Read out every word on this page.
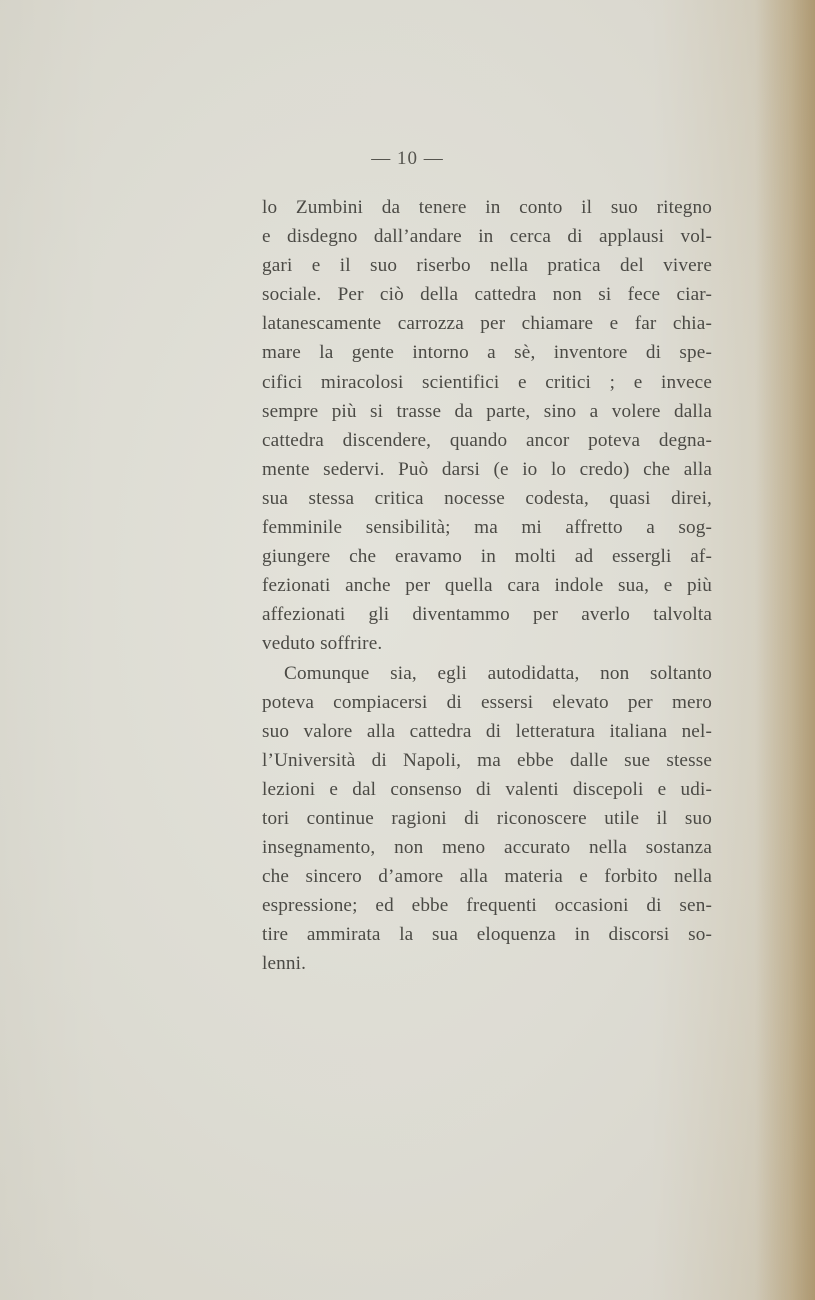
— 10 —
lo Zumbini da tenere in conto il suo ritegno
e disdegno dall’andare in cerca di applausi vol-
gari e il suo riserbo nella pratica del vivere
sociale. Per ciò della cattedra non si fece ciar-
latanescamente carrozza per chiamare e far chia-
mare la gente intorno a sè, inventore di spe-
cifici miracolosi scientifici e critici ; e invece
sempre più si trasse da parte, sino a volere dalla
cattedra discendere, quando ancor poteva degna-
mente sedervi. Può darsi (e io lo credo) che alla
sua stessa critica nocesse codesta, quasi direi,
femminile sensibilità; ma mi affretto a sog-
giungere che eravamo in molti ad essergli af-
fezionati anche per quella cara indole sua, e più
affezionati gli diventammo per averlo talvolta
veduto soffrire.
Comunque sia, egli autodidatta, non soltanto
poteva compiacersi di essersi elevato per mero
suo valore alla cattedra di letteratura italiana nel-
l’Università di Napoli, ma ebbe dalle sue stesse
lezioni e dal consenso di valenti discepoli e udi-
tori continue ragioni di riconoscere utile il suo
insegnamento, non meno accurato nella sostanza
che sincero d’amore alla materia e forbito nella
espressione; ed ebbe frequenti occasioni di sen-
tire ammirata la sua eloquenza in discorsi so-
lenni.
